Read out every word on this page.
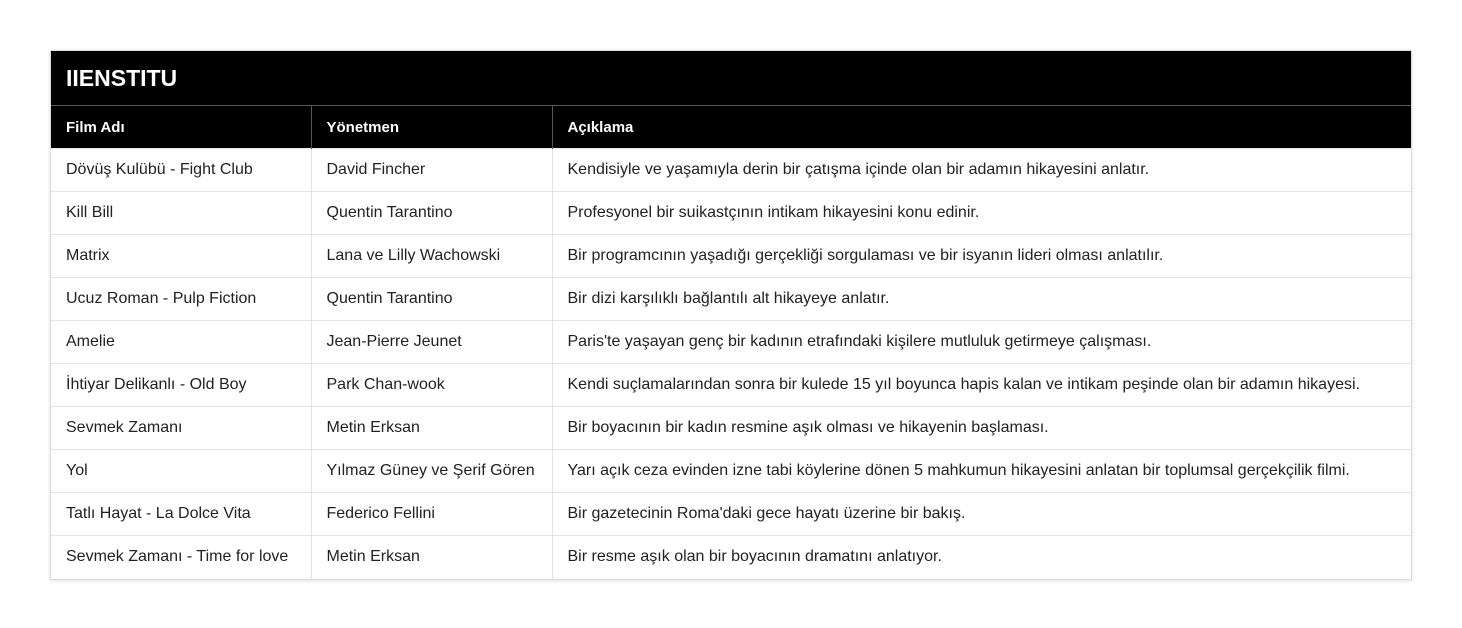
IIENSTITU
Film Adı	Yönetmen	Açıklama
Dövüş Kulübü - Fight Club	David Fincher	Kendisiyle ve yaşamıyla derin bir çatışma içinde olan bir adamın hikayesini anlatır.
Kill Bill	Quentin Tarantino	Profesyonel bir suikastçının intikam hikayesini konu edinir.
Matrix	Lana ve Lilly Wachowski	Bir programcının yaşadığı gerçekliği sorgulaması ve bir isyanın lideri olması anlatılır.
Ucuz Roman - Pulp Fiction	Quentin Tarantino	Bir dizi karşılıklı bağlantılı alt hikayeye anlatır.
Amelie	Jean-Pierre Jeunet	Paris'te yaşayan genç bir kadının etrafındaki kişilere mutluluk getirmeye çalışması.
İhtiyar Delikanlı - Old Boy	Park Chan-wook	Kendi suçlamalarından sonra bir kulede 15 yıl boyunca hapis kalan ve intikam peşinde olan bir adamın hikayesi.
Sevmek Zamanı	Metin Erksan	Bir boyacının bir kadın resmine aşık olması ve hikayenin başlaması.
Yol	Yılmaz Güney ve Şerif Gören	Yarı açık ceza evinden izne tabi köylerine dönen 5 mahkumun hikayesini anlatan bir toplumsal gerçekçilik filmi.
Tatlı Hayat - La Dolce Vita	Federico Fellini	Bir gazetecinin Roma'daki gece hayatı üzerine bir bakış.
Sevmek Zamanı - Time for love	Metin Erksan	Bir resme aşık olan bir boyacının dramatını anlatıyor.
